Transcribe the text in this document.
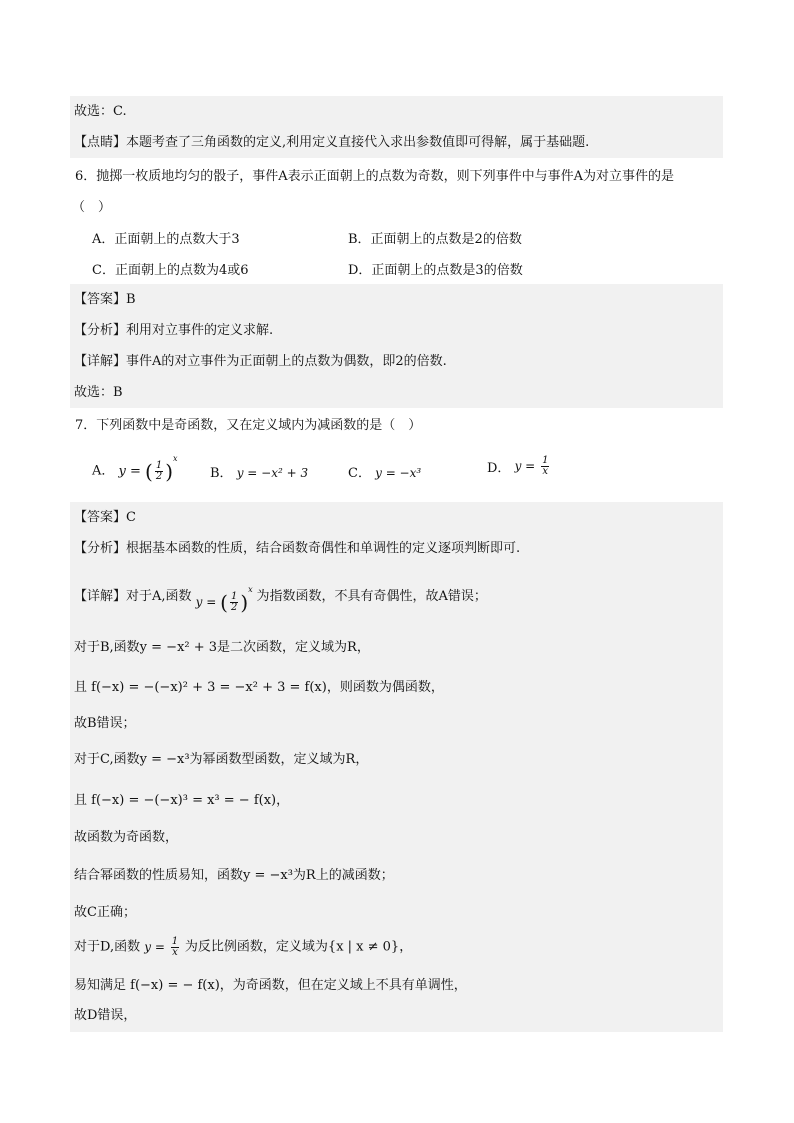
故选：C.
【点睛】本题考查了三角函数的定义,利用定义直接代入求出参数值即可得解，属于基础题.
6．抛掷一枚质地均匀的骰子，事件A表示正面朝上的点数为奇数，则下列事件中与事件A为对立事件的是
（　）
A．正面朝上的点数大于3	B．正面朝上的点数是2的倍数
C．正面朝上的点数为4或6	D．正面朝上的点数是3的倍数
【答案】B
【分析】利用对立事件的定义求解.
【详解】事件A的对立事件为正面朝上的点数为偶数，即2的倍数.
故选：B
7．下列函数中是奇函数，又在定义域内为减函数的是（　）
A． y = ( $\frac{1}{2} )^x$
B． y = −x² + 3	C． y = −x³	D． $y = \frac{1}{x}$
【答案】C
【分析】根据基本函数的性质，结合函数奇偶性和单调性的定义逐项判断即可.
【详解】对于A,函数 y = ( $\frac{1}{2} )^x$ 为指数函数，不具有奇偶性，故A错误；
对于B,函数y = −x² + 3是二次函数，定义域为R，
且 f(−x) = −(−x)² + 3 = −x² + 3 = f(x)，则函数为偶函数，
故B错误；
对于C,函数y = −x³为幂函数型函数，定义域为R，
且 f(−x) = −(−x)³ = x³ = − f(x)，
故函数为奇函数，
结合幂函数的性质易知，函数y = −x³为R上的减函数；
故C正确；
对于D,函数 $y = \frac{1}{x}$ 为反比例函数，定义域为{x | x ≠ 0}，
易知满足 f(−x) = − f(x)，为奇函数，但在定义域上不具有单调性，
故D错误，
